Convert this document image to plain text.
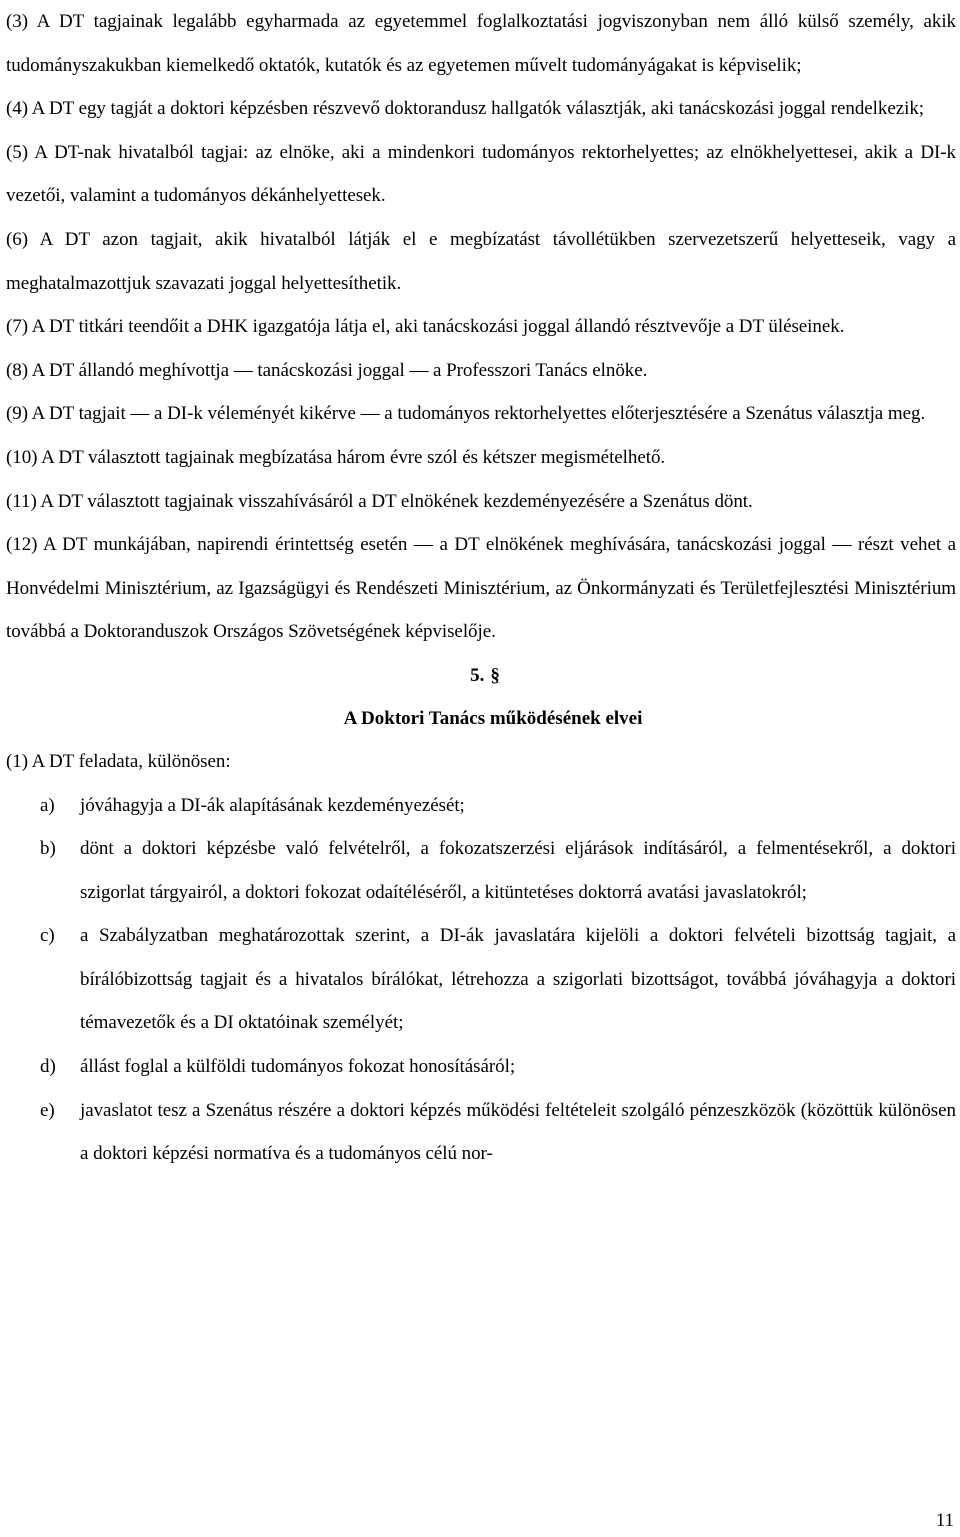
(3) A DT tagjainak legalább egyharmada az egyetemmel foglalkoztatási jogviszonyban nem álló külső személy, akik tudományszakukban kiemelkedő oktatók, kutatók és az egyetemen művelt tudományágakat is képviselik;

(4) A DT egy tagját a doktori képzésben részvevő doktorandusz hallgatók választják, aki tanácskozási joggal rendelkezik;

(5) A DT-nak hivatalból tagjai: az elnöke, aki a mindenkori tudományos rektorhelyettes; az elnökhelyettesei, akik a DI-k vezetői, valamint a tudományos dékánhelyettesek.

(6) A DT azon tagjait, akik hivatalból látják el e megbízatást távollétükben szervezetszerű helyetteseik, vagy a meghatalmazottjuk szavazati joggal helyettesíthetik.

(7) A DT titkári teendőit a DHK igazgatója látja el, aki tanácskozási joggal állandó résztvevője a DT üléseinek.

(8) A DT állandó meghívottja ― tanácskozási joggal ― a Professzori Tanács elnöke.

(9) A DT tagjait ― a DI-k véleményét kikérve ― a tudományos rektorhelyettes előterjesztésére a Szenátus választja meg.

(10) A DT választott tagjainak megbízatása három évre szól és kétszer megismételhető.

(11) A DT választott tagjainak visszahívásáról a DT elnökének kezdeményezésére a Szenátus dönt.

(12) A DT munkájában, napirendi érintettség esetén ― a DT elnökének meghívására, tanácskozási joggal ― részt vehet a Honvédelmi Minisztérium, az Igazságügyi és Rendészeti Minisztérium, az Önkormányzati és Területfejlesztési Minisztérium továbbá a Doktoranduszok Országos Szövetségének képviselője.

5. §
A Doktori Tanács működésének elvei

(1) A DT feladata, különösen:

a)	jóváhagyja a DI-ák alapításának kezdeményezését;
b)	dönt a doktori képzésbe való felvételről, a fokozatszerzési eljárások indításáról, a felmentésekről, a doktori szigorlat tárgyairól, a doktori fokozat odaítéléséről, a kitüntetéses doktorrá avatási javaslatokról;
c)	a Szabályzatban meghatározottak szerint, a DI-ák javaslatára kijelöli a doktori felvételi bizottság tagjait, a bírálóbizottság tagjait és a hivatalos bírálókat, létrehozza a szigorlati bizottságot, továbbá jóváhagyja a doktori témavezetők és a DI oktatóinak személyét;
d)	állást foglal a külföldi tudományos fokozat honosításáról;
e)	javaslatot tesz a Szenátus részére a doktori képzés működési feltételeit szolgáló pénzeszközök (közöttük különösen a doktori képzési normatíva és a tudományos célú nor-
11
